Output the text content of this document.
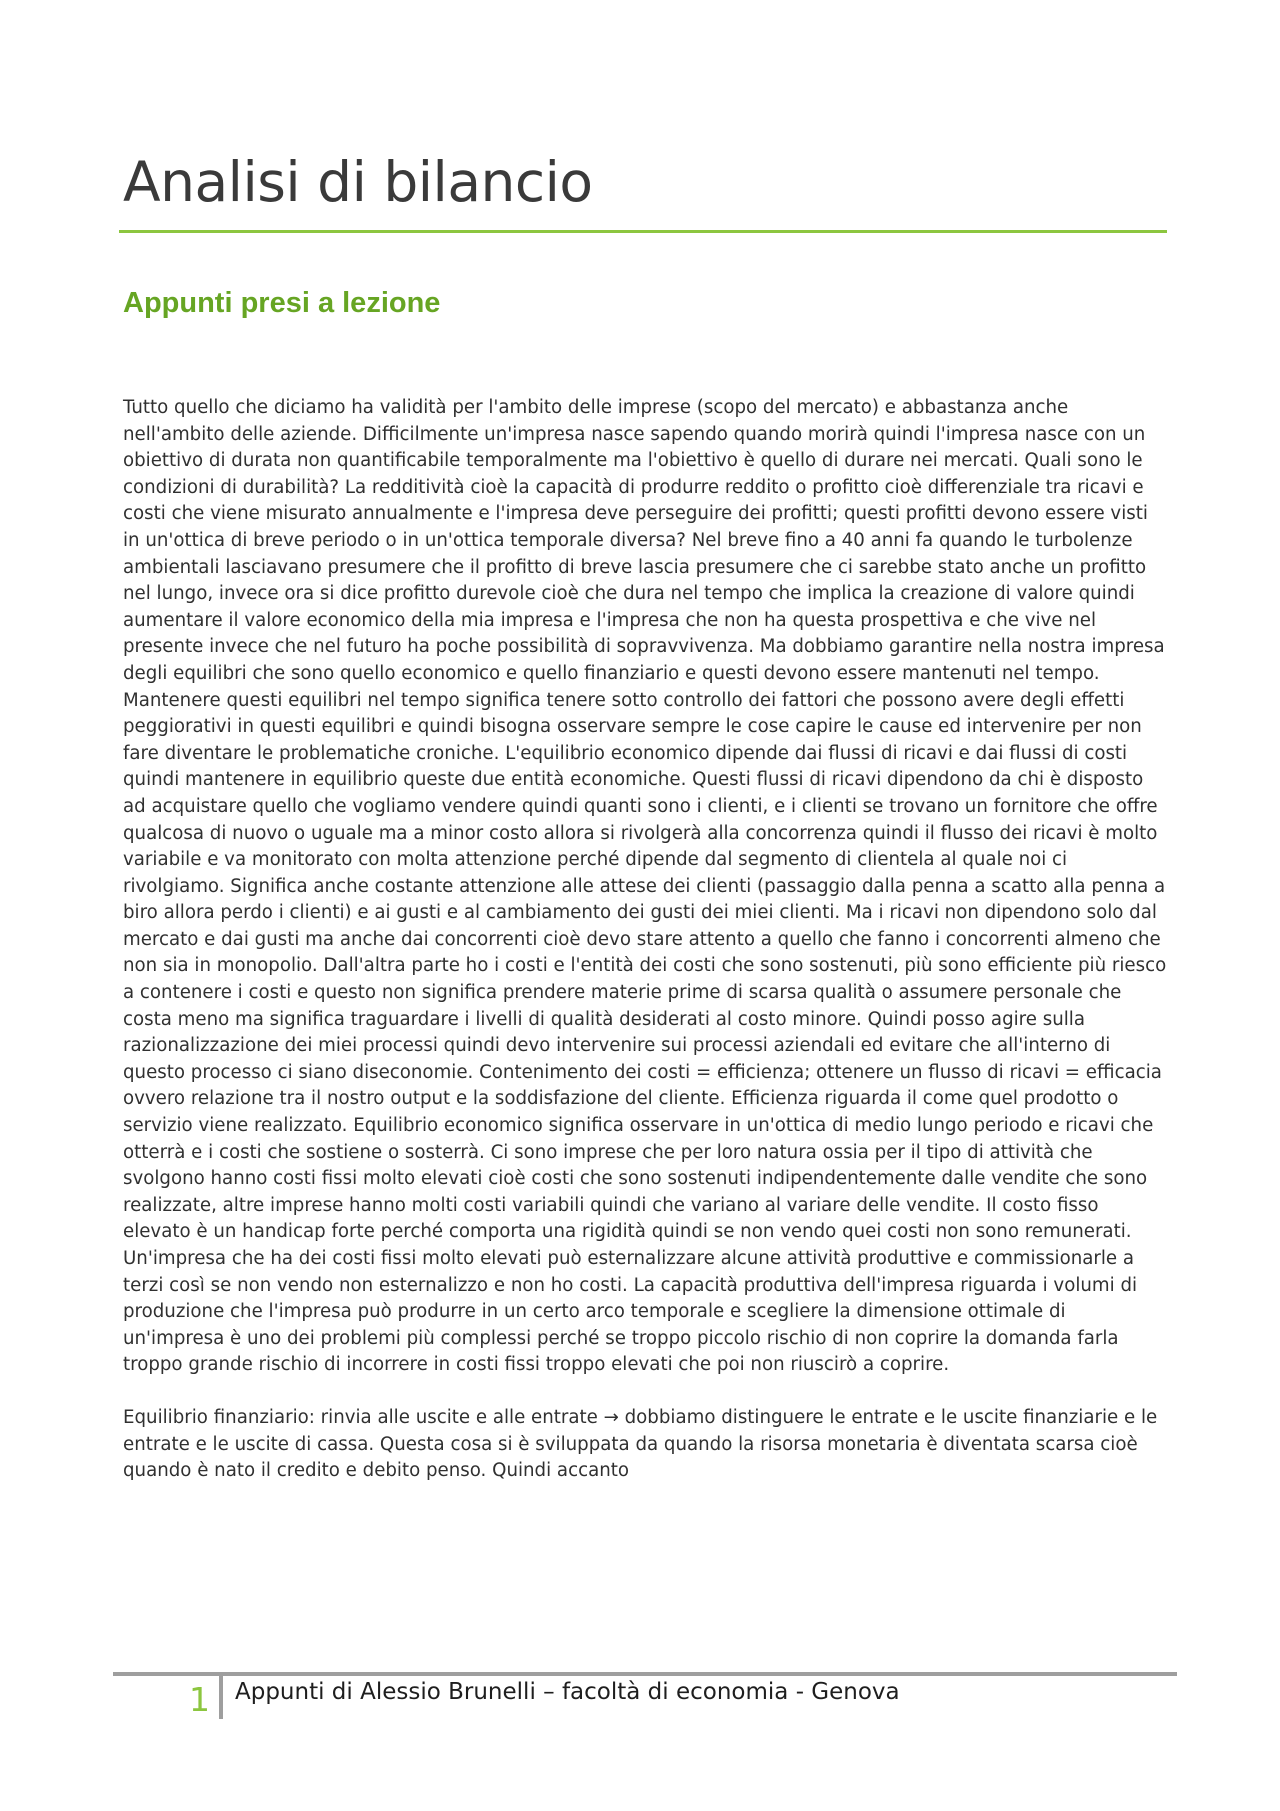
Analisi di bilancio
Appunti presi a lezione

Tutto quello che diciamo ha validità per l'ambito delle imprese (scopo del mercato) e abbastanza anche nell'ambito delle aziende. Difficilmente un'impresa nasce sapendo quando morirà quindi l'impresa nasce con un obiettivo di durata non quantificabile temporalmente ma l'obiettivo è quello di durare nei mercati. Quali sono le condizioni di durabilità? La redditività cioè la capacità di produrre reddito o profitto cioè differenziale tra ricavi e costi che viene misurato annualmente e l'impresa deve perseguire dei profitti; questi profitti devono essere visti in un'ottica di breve periodo o in un'ottica temporale diversa? Nel breve fino a 40 anni fa quando le turbolenze ambientali lasciavano presumere che il profitto di breve lascia presumere che ci sarebbe stato anche un profitto nel lungo, invece ora si dice profitto durevole cioè che dura nel tempo che implica la creazione di valore quindi aumentare il valore economico della mia impresa e l'impresa che non ha questa prospettiva e che vive nel presente invece che nel futuro ha poche possibilità di sopravvivenza. Ma dobbiamo garantire nella nostra impresa degli equilibri che sono quello economico e quello finanziario e questi devono essere mantenuti nel tempo. Mantenere questi equilibri nel tempo significa tenere sotto controllo dei fattori che possono avere degli effetti peggiorativi in questi equilibri e quindi bisogna osservare sempre le cose capire le cause ed intervenire per non fare diventare le problematiche croniche. L'equilibrio economico dipende dai flussi di ricavi e dai flussi di costi quindi mantenere in equilibrio queste due entità economiche. Questi flussi di ricavi dipendono da chi è disposto ad acquistare quello che vogliamo vendere quindi quanti sono i clienti, e i clienti se trovano un fornitore che offre qualcosa di nuovo o uguale ma a minor costo allora si rivolgerà alla concorrenza quindi il flusso dei ricavi è molto variabile e va monitorato con molta attenzione perché dipende dal segmento di clientela al quale noi ci rivolgiamo. Significa anche costante attenzione alle attese dei clienti (passaggio dalla penna a scatto alla penna a biro allora perdo i clienti) e ai gusti e al cambiamento dei gusti dei miei clienti. Ma i ricavi non dipendono solo dal mercato e dai gusti ma anche dai concorrenti cioè devo stare attento a quello che fanno i concorrenti almeno che non sia in monopolio. Dall'altra parte ho i costi e l'entità dei costi che sono sostenuti, più sono efficiente più riesco a contenere i costi e questo non significa prendere materie prime di scarsa qualità o assumere personale che costa meno ma significa traguardare i livelli di qualità desiderati al costo minore. Quindi posso agire sulla razionalizzazione dei miei processi quindi devo intervenire sui processi aziendali ed evitare che all'interno di questo processo ci siano diseconomie. Contenimento dei costi = efficienza; ottenere un flusso di ricavi = efficacia ovvero relazione tra il nostro output e la soddisfazione del cliente. Efficienza riguarda il come quel prodotto o servizio viene realizzato. Equilibrio economico significa osservare in un'ottica di medio lungo periodo e ricavi che otterrà e i costi che sostiene o sosterrà. Ci sono imprese che per loro natura ossia per il tipo di attività che svolgono hanno costi fissi molto elevati cioè costi che sono sostenuti indipendentemente dalle vendite che sono realizzate, altre imprese hanno molti costi variabili quindi che variano al variare delle vendite. Il costo fisso elevato è un handicap forte perché comporta una rigidità quindi se non vendo quei costi non sono remunerati. Un'impresa che ha dei costi fissi molto elevati può esternalizzare alcune attività produttive e commissionarle a terzi così se non vendo non esternalizzo e non ho costi. La capacità produttiva dell'impresa riguarda i volumi di produzione che l'impresa può produrre in un certo arco temporale e scegliere la dimensione ottimale di un'impresa è uno dei problemi più complessi perché se troppo piccolo rischio di non coprire la domanda farla troppo grande rischio di incorrere in costi fissi troppo elevati che poi non riuscirò a coprire.

Equilibrio finanziario: rinvia alle uscite e alle entrate → dobbiamo distinguere le entrate e le uscite finanziarie e le entrate e le uscite di cassa. Questa cosa si è sviluppata da quando la risorsa monetaria è diventata scarsa cioè quando è nato il credito e debito penso. Quindi accanto

1 Appunti di Alessio Brunelli – facoltà di economia - Genova
